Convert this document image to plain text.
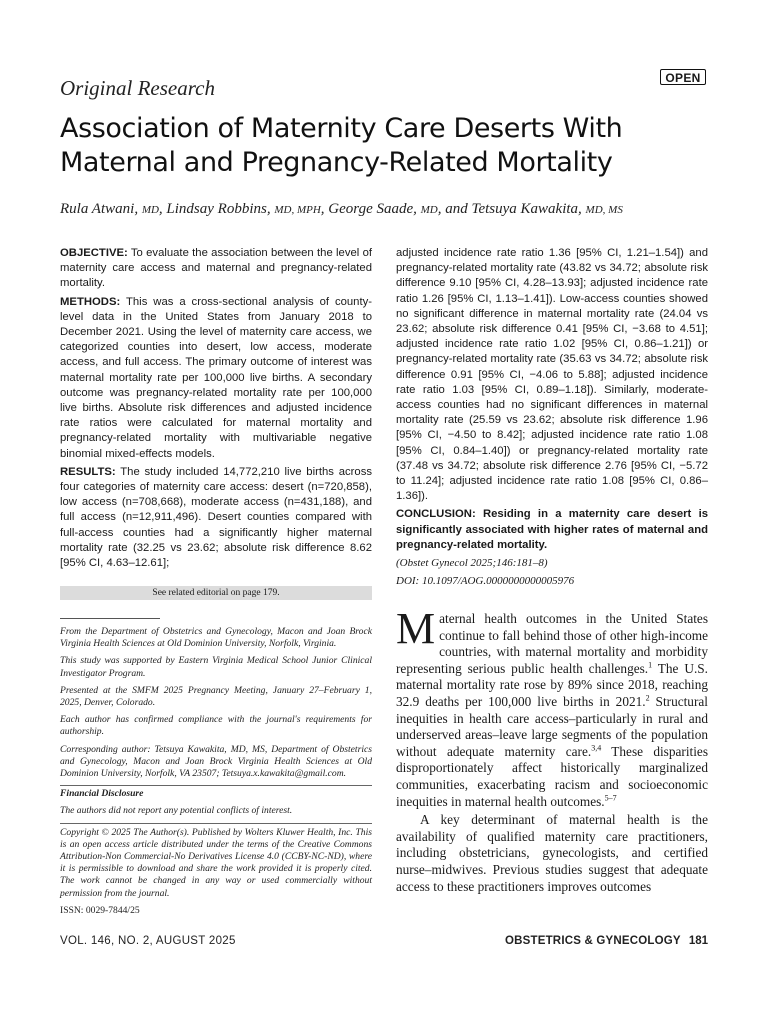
OPEN
Original Research
Association of Maternity Care Deserts With Maternal and Pregnancy-Related Mortality
Rula Atwani, MD, Lindsay Robbins, MD, MPH, George Saade, MD, and Tetsuya Kawakita, MD, MS

OBJECTIVE: To evaluate the association between the level of maternity care access and maternal and pregnancy-related mortality.

METHODS: This was a cross-sectional analysis of county-level data in the United States from January 2018 to December 2021. Using the level of maternity care access, we categorized counties into desert, low access, moderate access, and full access. The primary outcome of interest was maternal mortality rate per 100,000 live births. A secondary outcome was pregnancy-related mortality rate per 100,000 live births. Absolute risk differences and adjusted incidence rate ratios were calculated for maternal mortality and pregnancy-related mortality with multivariable negative binomial mixed-effects models.

RESULTS: The study included 14,772,210 live births across four categories of maternity care access: desert (n=720,858), low access (n=708,668), moderate access (n=431,188), and full access (n=12,911,496). Desert counties compared with full-access counties had a significantly higher maternal mortality rate (32.25 vs 23.62; absolute risk difference 8.62 [95% CI, 4.63–12.61];

adjusted incidence rate ratio 1.36 [95% CI, 1.21–1.54]) and pregnancy-related mortality rate (43.82 vs 34.72; absolute risk difference 9.10 [95% CI, 4.28–13.93]; adjusted incidence rate ratio 1.26 [95% CI, 1.13–1.41]). Low-access counties showed no significant difference in maternal mortality rate (24.04 vs 23.62; absolute risk difference 0.41 [95% CI, −3.68 to 4.51]; adjusted incidence rate ratio 1.02 [95% CI, 0.86–1.21]) or pregnancy-related mortality rate (35.63 vs 34.72; absolute risk difference 0.91 [95% CI, −4.06 to 5.88]; adjusted incidence rate ratio 1.03 [95% CI, 0.89–1.18]). Similarly, moderate-access counties had no significant differences in maternal mortality rate (25.59 vs 23.62; absolute risk difference 1.96 [95% CI, −4.50 to 8.42]; adjusted incidence rate ratio 1.08 [95% CI, 0.84–1.40]) or pregnancy-related mortality rate (37.48 vs 34.72; absolute risk difference 2.76 [95% CI, −5.72 to 11.24]; adjusted incidence rate ratio 1.08 [95% CI, 0.86–1.36]).

CONCLUSION: Residing in a maternity care desert is significantly associated with higher rates of maternal and pregnancy-related mortality.

(Obstet Gynecol 2025;146:181–8)

DOI: 10.1097/AOG.0000000000005976

See related editorial on page 179.

From the Department of Obstetrics and Gynecology, Macon and Joan Brock Virginia Health Sciences at Old Dominion University, Norfolk, Virginia.

This study was supported by Eastern Virginia Medical School Junior Clinical Investigator Program.

Presented at the SMFM 2025 Pregnancy Meeting, January 27–February 1, 2025, Denver, Colorado.

Each author has confirmed compliance with the journal's requirements for authorship.

Corresponding author: Tetsuya Kawakita, MD, MS, Department of Obstetrics and Gynecology, Macon and Joan Brock Virginia Health Sciences at Old Dominion University, Norfolk, VA 23507; Tetsuya.x.kawakita@gmail.com.

Financial Disclosure

The authors did not report any potential conflicts of interest.

Copyright © 2025 The Author(s). Published by Wolters Kluwer Health, Inc. This is an open access article distributed under the terms of the Creative Commons Attribution-Non Commercial-No Derivatives License 4.0 (CCBY-NC-ND), where it is permissible to download and share the work provided it is properly cited. The work cannot be changed in any way or used commercially without permission from the journal.

ISSN: 0029-7844/25

Maternal health outcomes in the United States continue to fall behind those of other high-income countries, with maternal mortality and morbidity representing serious public health challenges.$^1$ The U.S. maternal mortality rate rose by 89% since 2018, reaching 32.9 deaths per 100,000 live births in 2021.$^2$ Structural inequities in health care access–particularly in rural and underserved areas–leave large segments of the population without adequate maternity care.$^{3,4}$ These disparities disproportionately affect historically marginalized communities, exacerbating racism and socioeconomic inequities in maternal health outcomes.$^{5-7}$

A key determinant of maternal health is the availability of qualified maternity care practitioners, including obstetricians, gynecologists, and certified nurse–midwives. Previous studies suggest that adequate access to these practitioners improves outcomes

VOL. 146, NO. 2, AUGUST 2025	OBSTETRICS & GYNECOLOGY 181
